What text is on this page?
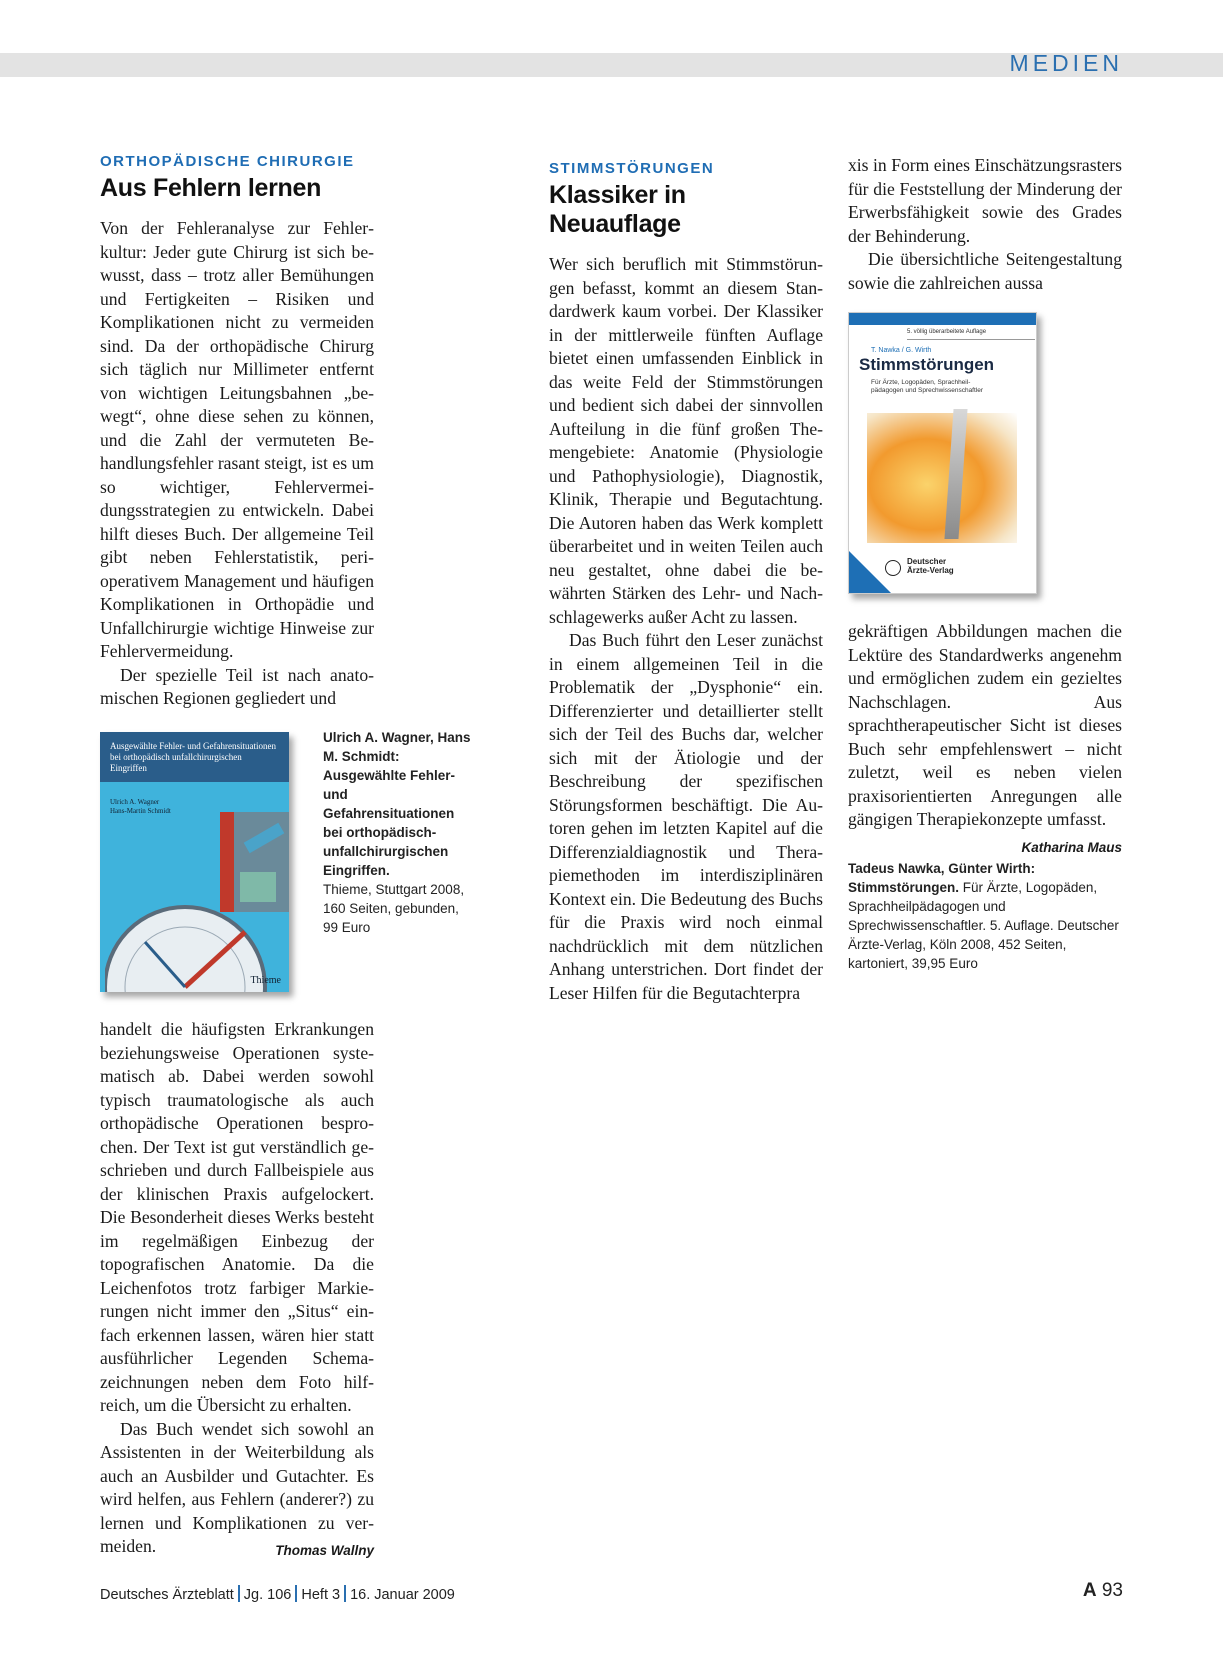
MEDIEN
ORTHOPÄDISCHE CHIRURGIE
Aus Fehlern lernen

Von der Fehleranalyse zur Fehlerkultur: Jeder gute Chirurg ist sich bewusst, dass – trotz aller Bemühungen und Fertigkeiten – Risiken und Komplikationen nicht zu vermeiden sind. Da der orthopädische Chirurg sich täglich nur Millimeter entfernt von wichtigen Leitungsbahnen „bewegt“, ohne diese sehen zu können, und die Zahl der vermuteten Behandlungsfehler rasant steigt, ist es um so wichtiger, Fehlervermeidungsstrategien zu entwickeln. Dabei hilft dieses Buch. Der allgemeine Teil gibt neben Fehlerstatistik, perioperativem Management und häufigen Komplikationen in Orthopädie und Unfallchirurgie wichtige Hinweise zur Fehlervermeidung.

Der spezielle Teil ist nach anatomischen Regionen gegliedert und

Ausgewählte Fehler- und Gefahrensituationen bei orthopädisch unfallchirurgischen Eingriffen
Ulrich A. Wagner
Hans-Martin Schmidt
Thieme
Ulrich A. Wagner, Hans M. Schmidt: Ausgewählte Fehler- und Gefahrensituationen bei orthopädisch-unfallchirurgischen Eingriffen.
Thieme, Stuttgart 2008,
160 Seiten, gebunden,
99 Euro

handelt die häufigsten Erkrankungen beziehungsweise Operationen systematisch ab. Dabei werden sowohl typisch traumatologische als auch orthopädische Operationen besprochen. Der Text ist gut verständlich geschrieben und durch Fallbeispiele aus der klinischen Praxis aufgelockert. Die Besonderheit dieses Werks besteht im regelmäßigen Einbezug der topografischen Anatomie. Da die Leichenfotos trotz farbiger Markierungen nicht immer den „Situs“ einfach erkennen lassen, wären hier statt ausführlicher Legenden Schemazeichnungen neben dem Foto hilfreich, um die Übersicht zu erhalten.

Das Buch wendet sich sowohl an Assistenten in der Weiterbildung als auch an Ausbilder und Gutachter. Es wird helfen, aus Fehlern (anderer?) zu lernen und Komplikationen zu vermeiden.	Thomas Wallny

STIMMSTÖRUNGEN
Klassiker in Neuauflage

Wer sich beruflich mit Stimmstörungen befasst, kommt an diesem Standardwerk kaum vorbei. Der Klassiker in der mittlerweile fünften Auflage bietet einen umfassenden Einblick in das weite Feld der Stimmstörungen und bedient sich dabei der sinnvollen Aufteilung in die fünf großen Themengebiete: Anatomie (Physiologie und Pathophysiologie), Diagnostik, Klinik, Therapie und Begutachtung. Die Autoren haben das Werk komplett überarbeitet und in weiten Teilen auch neu gestaltet, ohne dabei die bewährten Stärken des Lehr- und Nachschlagewerks außer Acht zu lassen.

Das Buch führt den Leser zunächst in einem allgemeinen Teil in die Problematik der „Dysphonie“ ein. Differenzierter und detaillierter stellt sich der Teil des Buchs dar, welcher sich mit der Ätiologie und der Beschreibung der spezifischen Störungsformen beschäftigt. Die Autoren gehen im letzten Kapitel auf die Differenzialdiagnostik und Therapiemethoden im interdisziplinären Kontext ein. Die Bedeutung des Buchs für die Praxis wird noch einmal nachdrücklich mit dem nützlichen Anhang unterstrichen. Dort findet der Leser Hilfen für die Begutachterpra

xis in Form eines Einschätzungsrasters für die Feststellung der Minderung der Erwerbsfähigkeit sowie des Grades der Behinderung.

Die übersichtliche Seitengestaltung sowie die zahlreichen aussa

5. völlig überarbeitete Auflage
T. Nawka / G. Wirth
Stimmstörungen
Für Ärzte, Logopäden, Sprachheil-
pädagogen und Sprechwissenschaftler
Deutscher
Ärzte-Verlag

gekräftigen Abbildungen machen die Lektüre des Standardwerks angenehm und ermöglichen zudem ein gezieltes Nachschlagen. Aus sprachtherapeutischer Sicht ist dieses Buch sehr empfehlenswert – nicht zuletzt, weil es neben vielen praxisorientierten Anregungen alle gängigen Therapiekonzepte umfasst.
Katharina Maus

Tadeus Nawka, Günter Wirth: Stimmstörungen. Für Ärzte, Logopäden, Sprachheilpädagogen und Sprechwissenschaftler. 5. Auflage. Deutscher Ärzte-Verlag, Köln 2008, 452 Seiten, kartoniert, 39,95 Euro
Deutsches Ärzteblatt Jg. 106 Heft 3 16. Januar 2009	A 93
